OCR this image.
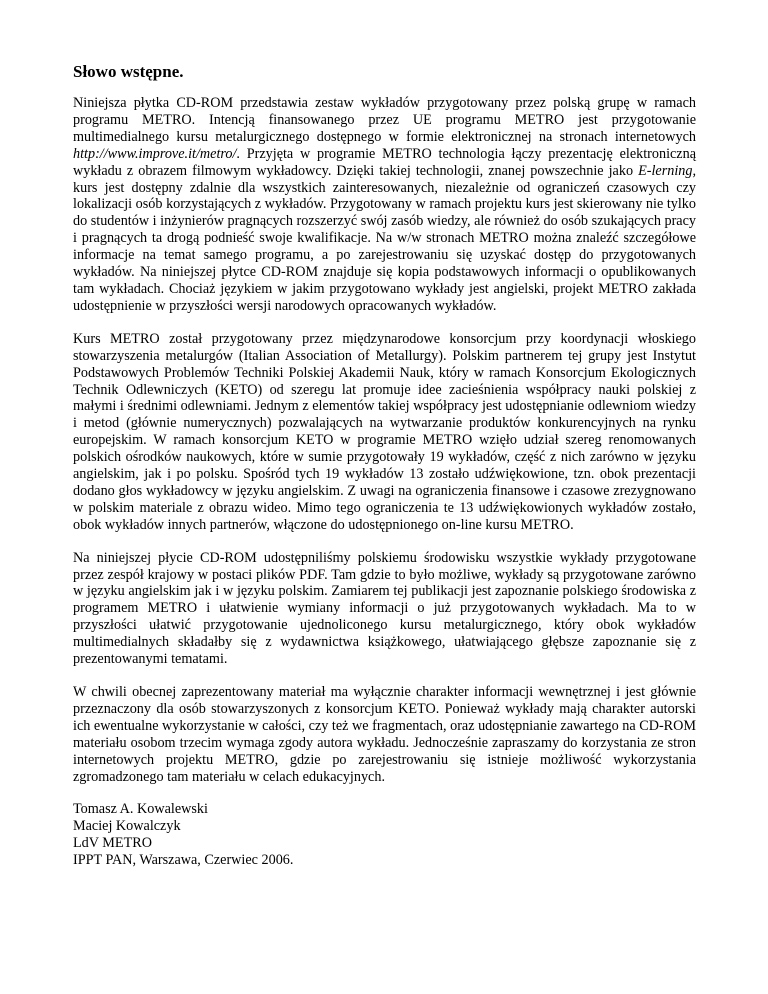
Słowo wstępne.

Niniejsza płytka CD-ROM przedstawia zestaw wykładów przygotowany przez polską grupę w ramach programu METRO. Intencją finansowanego przez UE programu METRO jest przygotowanie multimedialnego kursu metalurgicznego dostępnego w formie elektronicznej na stronach internetowych http://www.improve.it/metro/. Przyjęta w programie METRO technologia łączy prezentację elektroniczną wykładu z obrazem filmowym wykładowcy. Dzięki takiej technologii, znanej powszechnie jako E-lerning, kurs jest dostępny zdalnie dla wszystkich zainteresowanych, niezależnie od ograniczeń czasowych czy lokalizacji osób korzystających z wykładów. Przygotowany w ramach projektu kurs jest skierowany nie tylko do studentów i inżynierów pragnących rozszerzyć swój zasób wiedzy, ale również do osób szukających pracy i pragnących ta drogą podnieść swoje kwalifikacje. Na w/w stronach METRO można znaleźć szczegółowe informacje na temat samego programu, a po zarejestrowaniu się uzyskać dostęp do przygotowanych wykładów. Na niniejszej płytce CD-ROM znajduje się kopia podstawowych informacji o opublikowanych tam wykładach. Chociaż językiem w jakim przygotowano wykłady jest angielski, projekt METRO zakłada udostępnienie w przyszłości wersji narodowych opracowanych wykładów.

Kurs METRO został przygotowany przez międzynarodowe konsorcjum przy koordynacji włoskiego stowarzyszenia metalurgów (Italian Association of Metallurgy). Polskim partnerem tej grupy jest Instytut Podstawowych Problemów Techniki Polskiej Akademii Nauk, który w ramach Konsorcjum Ekologicznych Technik Odlewniczych (KETO) od szeregu lat promuje idee zacieśnienia współpracy nauki polskiej z małymi i średnimi odlewniami. Jednym z elementów takiej współpracy jest udostępnianie odlewniom wiedzy i metod (głównie numerycznych) pozwalających na wytwarzanie produktów konkurencyjnych na rynku europejskim. W ramach konsorcjum KETO w programie METRO wzięło udział szereg renomowanych polskich ośrodków naukowych, które w sumie przygotowały 19 wykładów, część z nich zarówno w języku angielskim, jak i po polsku. Spośród tych 19 wykładów 13 zostało udźwiękowione, tzn. obok prezentacji dodano głos wykładowcy w języku angielskim. Z uwagi na ograniczenia finansowe i czasowe zrezygnowano w polskim materiale z obrazu wideo. Mimo tego ograniczenia te 13 udźwiękowionych wykładów zostało, obok wykładów innych partnerów, włączone do udostępnionego on-line kursu METRO.

Na niniejszej płycie CD-ROM udostępniliśmy polskiemu środowisku wszystkie wykłady przygotowane przez zespół krajowy w postaci plików PDF. Tam gdzie to było możliwe, wykłady są przygotowane zarówno w języku angielskim jak i w języku polskim. Zamiarem tej publikacji jest zapoznanie polskiego środowiska z programem METRO i ułatwienie wymiany informacji o już przygotowanych wykładach. Ma to w przyszłości ułatwić przygotowanie ujednoliconego kursu metalurgicznego, który obok wykładów multimedialnych składałby się z wydawnictwa książkowego, ułatwiającego głębsze zapoznanie się z prezentowanymi tematami.

W chwili obecnej zaprezentowany materiał ma wyłącznie charakter informacji wewnętrznej i jest głównie przeznaczony dla osób stowarzyszonych z konsorcjum KETO. Ponieważ wykłady mają charakter autorski ich ewentualne wykorzystanie w całości, czy też we fragmentach, oraz udostępnianie zawartego na CD-ROM materiału osobom trzecim wymaga zgody autora wykładu. Jednocześnie zapraszamy do korzystania ze stron internetowych projektu METRO, gdzie po zarejestrowaniu się istnieje możliwość wykorzystania zgromadzonego tam materiału w celach edukacyjnych.

Tomasz A. Kowalewski
Maciej Kowalczyk
LdV METRO
IPPT PAN, Warszawa, Czerwiec 2006.
